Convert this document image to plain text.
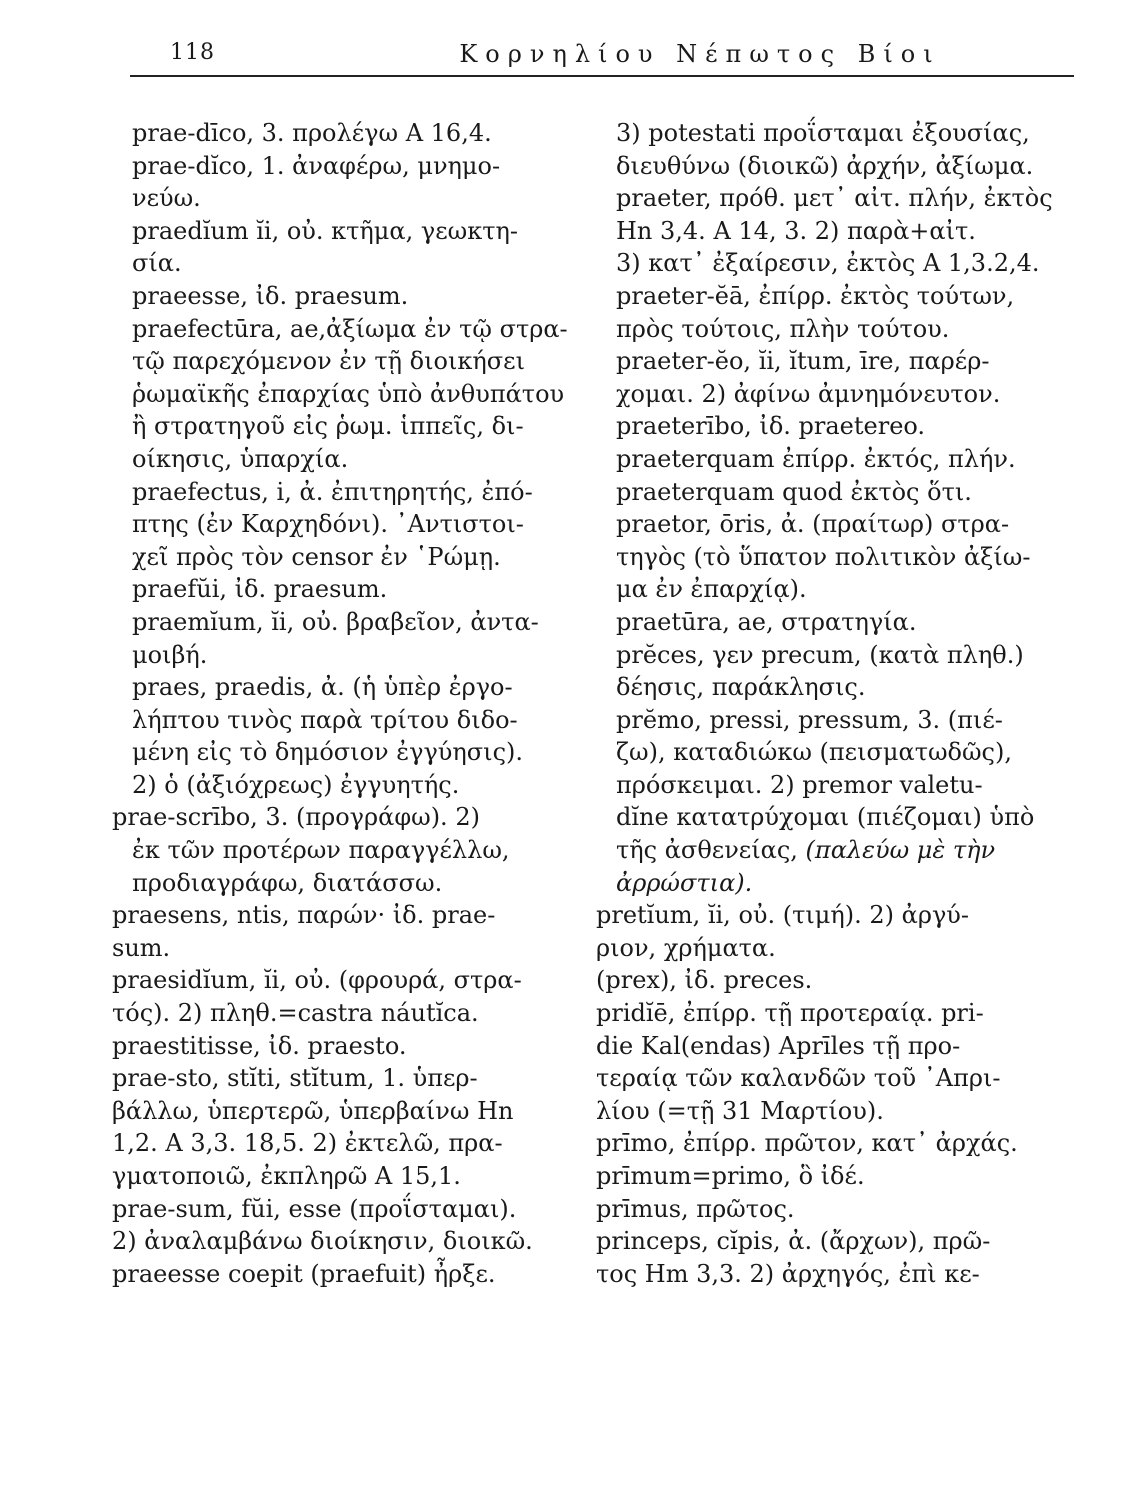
118	Κορνηλίου Νέπωτος Βίοι
prae-dīco, 3. προλέγω Α 16,4.
prae-dĭco, 1. ἀναφέρω, μνημο-
νεύω.
praedĭum ĭi, οὐ. κτῆμα, γεωκτη-
σία.
praeesse, ἰδ. praesum.
praefectūra, ae,ἀξίωμα ἐν τῷ στρα-
τῷ παρεχόμενον ἐν τῇ διοικήσει
ῥωμαϊκῆς ἐπαρχίας ὑπὸ ἀνθυπάτου
ἢ στρατηγοῦ εἰς ῥωμ. ἱππεῖς, δι-
οίκησις, ὑπαρχία.
praefectus, i, ἀ. ἐπιτηρητής, ἐπό-
πτης (ἐν Καρχηδόνι). ᾿Αντιστοι-
χεῖ πρὸς τὸν censor ἐν ῾Ρώμῃ.
praefŭi, ἰδ. praesum.
praemĭum, ĭi, οὐ. βραβεῖον, ἀντα-
μοιβή.
praes, praedis, ἀ. (ἡ ὑπὲρ ἐργο-
λήπτου τινὸς παρὰ τρίτου διδο-
μένη εἰς τὸ δημόσιον ἐγγύησις).
2) ὁ (ἀξιόχρεως) ἐγγυητής.
prae-scrībo, 3. (προγράφω). 2)
ἐκ τῶν προτέρων παραγγέλλω,
προδιαγράφω, διατάσσω.
praesens, ntis, παρών· ἰδ. prae-
sum.
praesidĭum, ĭi, οὐ. (φρουρά, στρα-
τός). 2) πληθ.=castra náutĭca.
praestitisse, ἰδ. praesto.
prae-sto, stĭti, stĭtum, 1. ὑπερ-
βάλλω, ὑπερτερῶ, ὑπερβαίνω Hn
1,2. Α 3,3. 18,5. 2) ἐκτελῶ, πρα-
γματοποιῶ, ἐκπληρῶ Α 15,1.
prae-sum, fŭi, esse (προΐσταμαι).
2) ἀναλαμβάνω διοίκησιν, διοικῶ.
praeesse coepit (praefuit) ἦρξε.
3) potestati προΐσταμαι ἐξουσίας,
διευθύνω (διοικῶ) ἀρχήν, ἀξίωμα.
praeter, πρόθ. μετ᾿ αἰτ. πλήν, ἐκτὸς
Hn 3,4. Α 14, 3. 2) παρὰ+αἰτ.
3) κατ᾿ ἐξαίρεσιν, ἐκτὸς Α 1,3.2,4.
praeter-ĕā, ἐπίρρ. ἐκτὸς τούτων,
πρὸς τούτοις, πλὴν τούτου.
praeter-ĕo, ĭi, ĭtum, īre, παρέρ-
χομαι. 2) ἀφίνω ἀμνημόνευτον.
praeterībo, ἰδ. praetereo.
praeterquam ἐπίρρ. ἐκτός, πλήν.
praeterquam quod ἐκτὸς ὅτι.
praetor, ōris, ἀ. (πραίτωρ) στρα-
τηγὸς (τὸ ὕπατον πολιτικὸν ἀξίω-
μα ἐν ἐπαρχίᾳ).
praetūra, ae, στρατηγία.
prĕces, γεν precum, (κατὰ πληθ.)
δέησις, παράκλησις.
prĕmo, pressi, pressum, 3. (πιέ-
ζω), καταδιώκω (πεισματωδῶς),
πρόσκειμαι. 2) premor valetu-
dĭne κατατρύχομαι (πιέζομαι) ὑπὸ
τῆς ἀσθενείας, (παλεύω μὲ τὴν
ἀρρώστια).
pretĭum, ĭi, οὐ. (τιμή). 2) ἀργύ-
ριον, χρήματα.
(prex), ἰδ. preces.
pridĭē, ἐπίρρ. τῇ προτεραίᾳ. pri-
die Kal(endas) Aprīles τῇ προ-
τεραίᾳ τῶν καλανδῶν τοῦ ᾿Απρι-
λίου (=τῇ 31 Μαρτίου).
prīmo, ἐπίρρ. πρῶτον, κατ᾿ ἀρχάς.
prīmum=primo, ὃ ἰδέ.
prīmus, πρῶτος.
princeps, cĭpis, ἀ. (ἄρχων), πρῶ-
τος Hm 3,3. 2) ἀρχηγός, ἐπὶ κε-
